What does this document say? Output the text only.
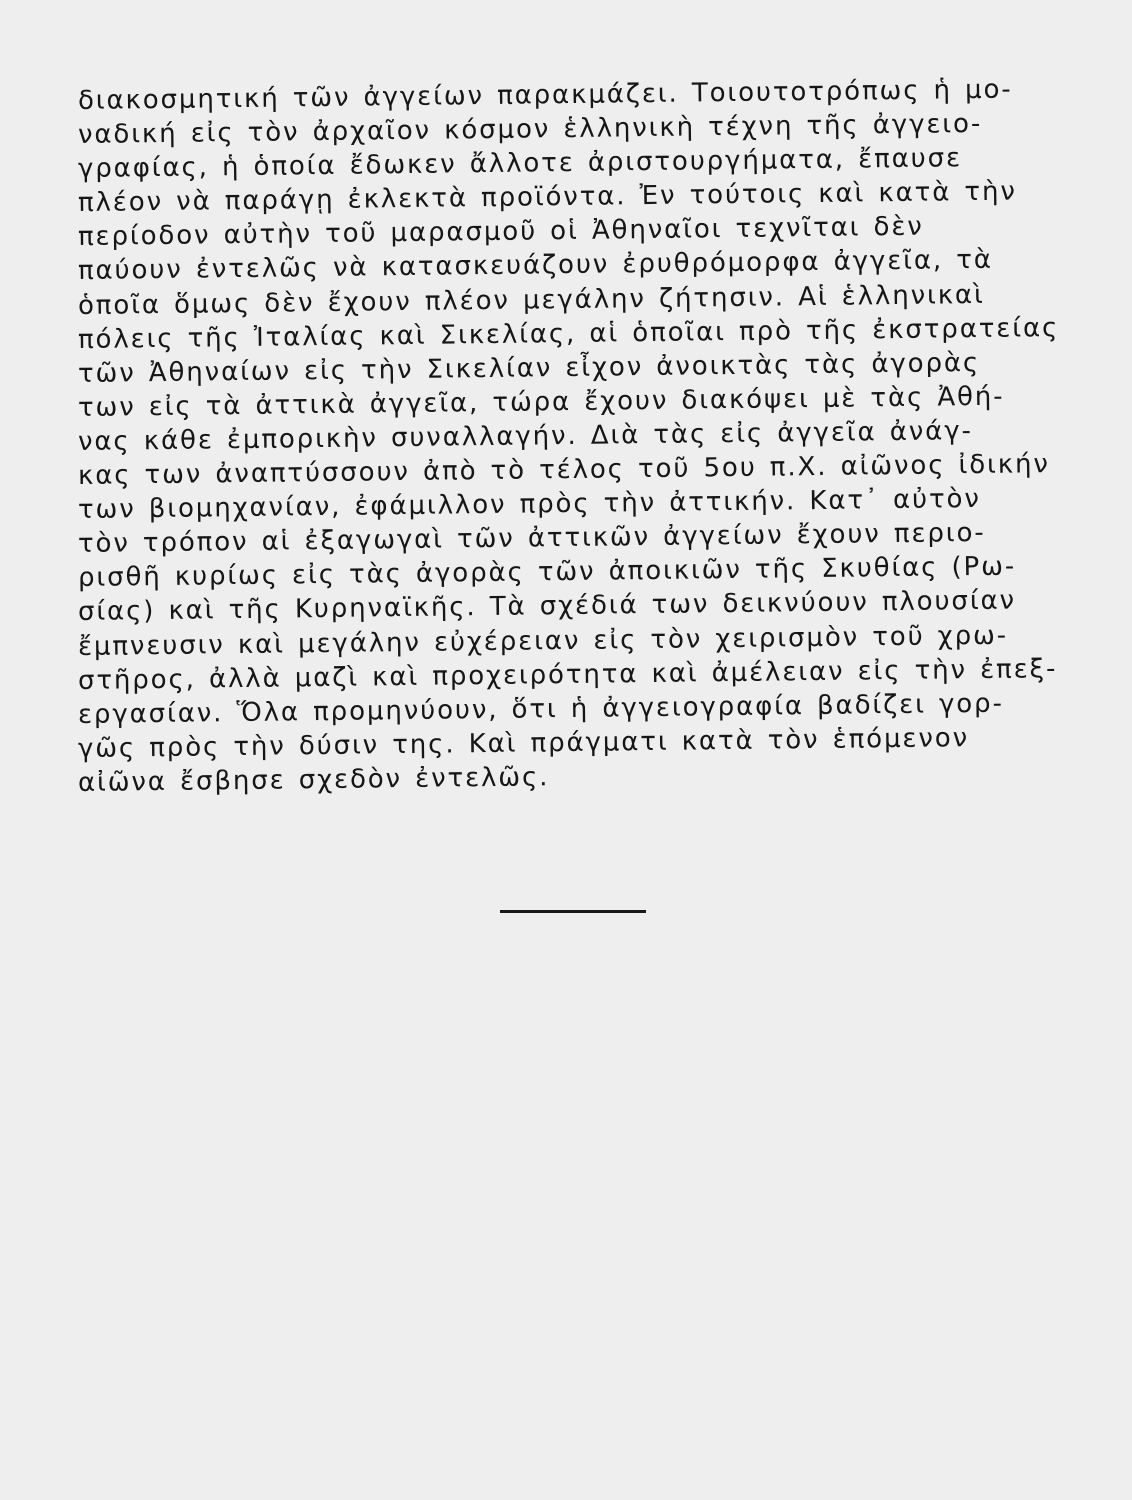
διακοσμητική τῶν ἀγγείων παρακμάζει. Τοιουτοτρόπως ἡ μο-
ναδική εἰς τὸν ἀρχαῖον κόσμον ἑλληνικὴ τέχνη τῆς ἀγγειο-
γραφίας, ἡ ὁποία ἔδωκεν ἄλλοτε ἀριστουργήματα, ἔπαυσε
πλέον νὰ παράγῃ ἐκλεκτὰ προϊόντα. Ἐν τούτοις καὶ κατὰ τὴν
περίοδον αὐτὴν τοῦ μαρασμοῦ οἱ Ἀθηναῖοι τεχνῖται δὲν
παύουν ἐντελῶς νὰ κατασκευάζουν ἐρυθρόμορφα ἀγγεῖα, τὰ
ὁποῖα ὅμως δὲν ἔχουν πλέον μεγάλην ζήτησιν. Αἱ ἑλληνικαὶ
πόλεις τῆς Ἰταλίας καὶ Σικελίας, αἱ ὁποῖαι πρὸ τῆς ἐκστρατείας
τῶν Ἀθηναίων εἰς τὴν Σικελίαν εἶχον ἀνοικτὰς τὰς ἀγορὰς
των εἰς τὰ ἀττικὰ ἀγγεῖα, τώρα ἔχουν διακόψει μὲ τὰς Ἀθή-
νας κάθε ἐμπορικὴν συναλλαγήν. Διὰ τὰς εἰς ἀγγεῖα ἀνάγ-
κας των ἀναπτύσσουν ἀπὸ τὸ τέλος τοῦ 5ου π.Χ. αἰῶνος ἰδικήν
των βιομηχανίαν, ἐφάμιλλον πρὸς τὴν ἀττικήν. Κατ᾽ αὐτὸν
τὸν τρόπον αἱ ἐξαγωγαὶ τῶν ἀττικῶν ἀγγείων ἔχουν περιο-
ρισθῆ κυρίως εἰς τὰς ἀγορὰς τῶν ἀποικιῶν τῆς Σκυθίας (Ρω-
σίας) καὶ τῆς Κυρηναϊκῆς. Τὰ σχέδιά των δεικνύουν πλουσίαν
ἔμπνευσιν καὶ μεγάλην εὐχέρειαν εἰς τὸν χειρισμὸν τοῦ χρω-
στῆρος, ἀλλὰ μαζὶ καὶ προχειρότητα καὶ ἀμέλειαν εἰς τὴν ἐπεξ-
εργασίαν. Ὅλα προμηνύουν, ὅτι ἡ ἀγγειογραφία βαδίζει γορ-
γῶς πρὸς τὴν δύσιν της. Καὶ πράγματι κατὰ τὸν ἑπόμενον
αἰῶνα ἔσβησε σχεδὸν ἐντελῶς.
